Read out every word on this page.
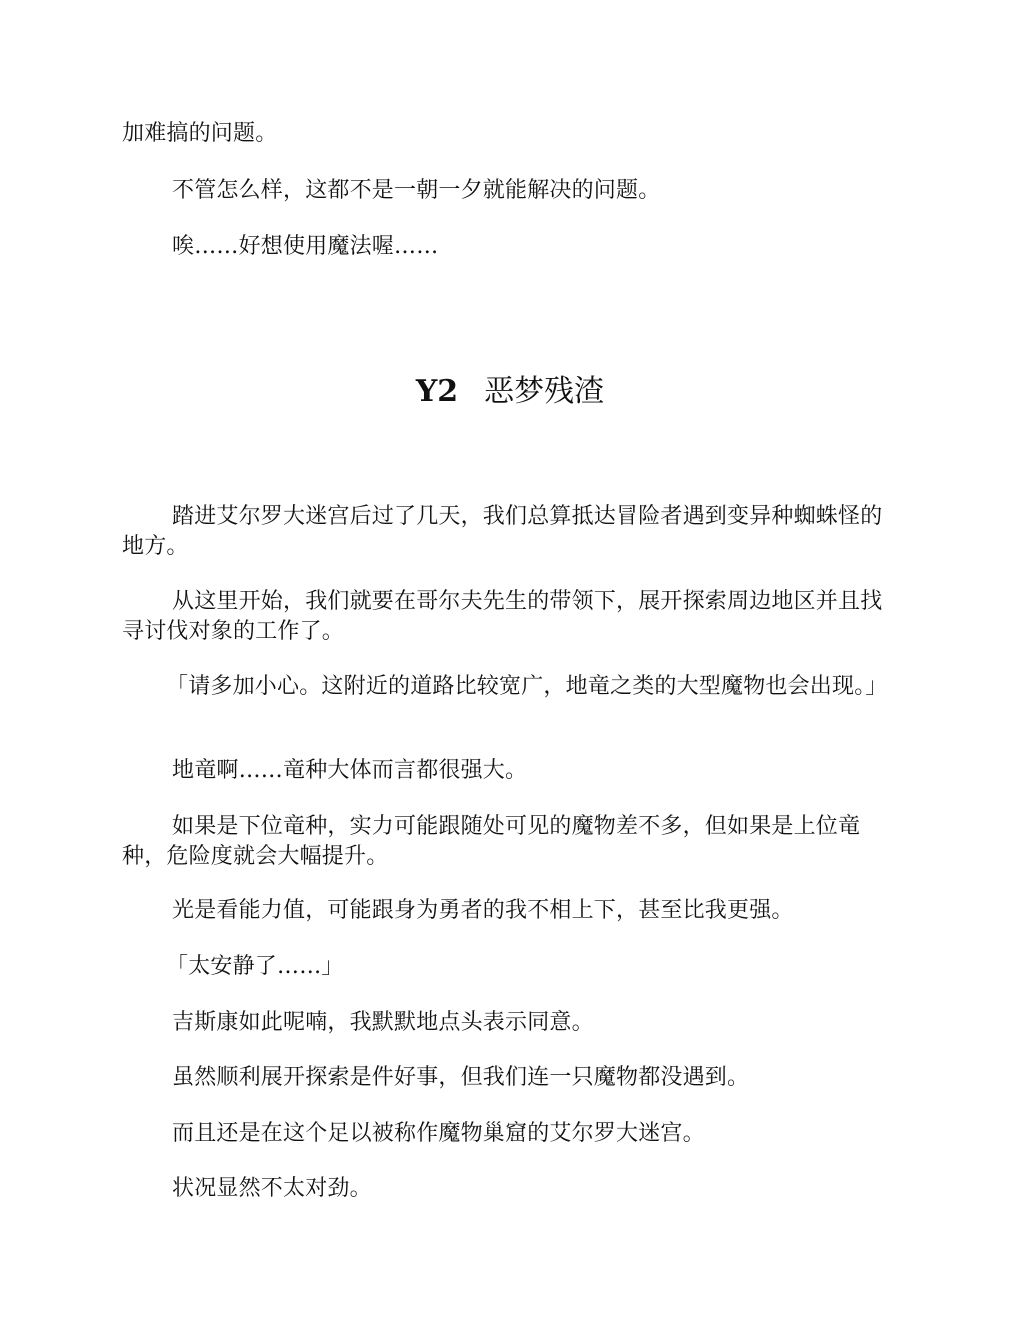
加难搞的问题。

不管怎么样，这都不是一朝一夕就能解决的问题。

唉……好想使用魔法喔……

Y2 恶梦残渣

踏进艾尔罗大迷宫后过了几天，我们总算抵达冒险者遇到变异种蜘蛛怪的地方。

从这里开始，我们就要在哥尔夫先生的带领下，展开探索周边地区并且找寻讨伐对象的工作了。

「请多加小心。这附近的道路比较宽广，地竜之类的大型魔物也会出现。」

地竜啊……竜种大体而言都很强大。

如果是下位竜种，实力可能跟随处可见的魔物差不多，但如果是上位竜种，危险度就会大幅提升。

光是看能力值，可能跟身为勇者的我不相上下，甚至比我更强。

「太安静了……」

吉斯康如此呢喃，我默默地点头表示同意。

虽然顺利展开探索是件好事，但我们连一只魔物都没遇到。

而且还是在这个足以被称作魔物巢窟的艾尔罗大迷宫。

状况显然不太对劲。
